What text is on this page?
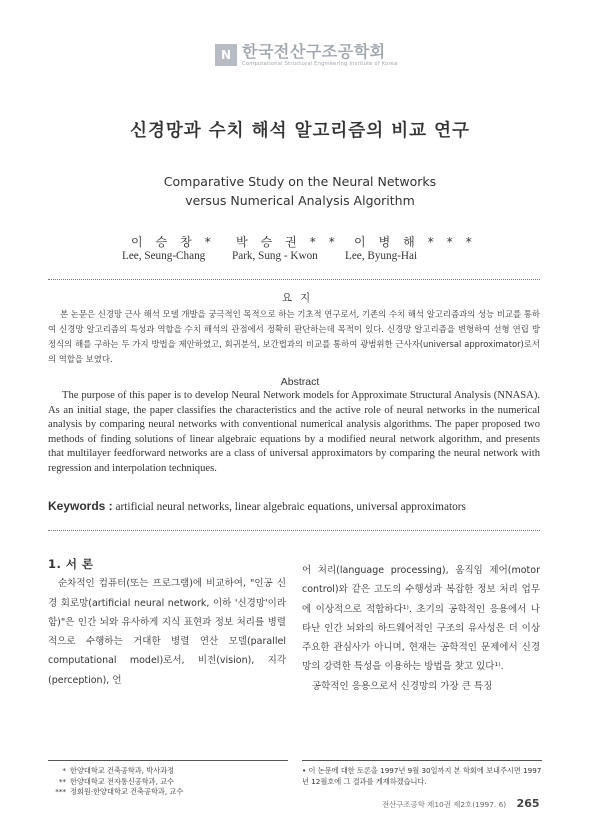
N 한국전산구조공학회
Computational Structural Engineering Institute of Korea
신경망과 수치 해석 알고리즘의 비교 연구
Comparative Study on the Neural Networks
versus Numerical Analysis Algorithm
이승창* 박승권** 이병해***
Lee, Seung-Chang Park, Sung - Kwon Lee, Byung-Hai
요지

본 논문은 신경망 근사 해석 모델 개발을 궁극적인 목적으로 하는 기초적 연구로서, 기존의 수치 해석 알고리즘과의 성능 비교를 통하여 신경망 알고리즘의 특성과 역할을 수치 해석의 관점에서 정확히 판단하는데 목적이 있다. 신경망 알고리즘을 변형하여 선형 연립 방정식의 해를 구하는 두 가지 방법을 제안하였고, 회귀분석, 보간법과의 비교를 통하여 광범위한 근사자(universal approximator)로서의 역할을 보였다.

Abstract

The purpose of this paper is to develop Neural Network models for Approximate Structural Analysis (NNASA). As an initial stage, the paper classifies the characteristics and the active role of neural networks in the numerical analysis by comparing neural networks with conventional numerical analysis algorithms. The paper proposed two methods of finding solutions of linear algebraic equations by a modified neural network algorithm, and presents that multilayer feedforward networks are a class of universal approximators by comparing the neural network with regression and interpolation techniques.

Keywords : artificial neural networks, linear algebraic equations, universal approximators

1. 서 론

순차적인 컴퓨터(또는 프로그램)에 비교하여, "인공 신경 회로망(artificial neural network, 이하 '신경망'이라 함)"은 인간 뇌와 유사하게 지식 표현과 정보 처리를 병렬적으로 수행하는 거대한 병렬 연산 모델(parallel computational model)로서, 비전(vision), 지각(perception), 언

어 처리(language processing), 움직임 제어(motor control)와 같은 고도의 수행성과 복잡한 정보 처리 업무에 이상적으로 적합하다¹⁾. 초기의 공학적인 응용에서 나타난 인간 뇌와의 하드웨어적인 구조의 유사성은 더 이상 주요한 관심사가 아니며, 현재는 공학적인 문제에서 신경망의 강력한 특성을 이용하는 방법을 찾고 있다¹⁾.

공학적인 응용으로서 신경망의 가장 큰 특징

* 한양대학교 건축공학과, 박사과정
** 한양대학교 전자통신공학과, 교수
*** 정회원·한양대학교 건축공학과, 교수
• 이 논문에 대한 토론을 1997년 9월 30일까지 본 학회에 보내주시면 1997년 12월호에 그 결과를 게재하겠습니다.
전산구조공학 제10권 제2호(1997. 6) 265
